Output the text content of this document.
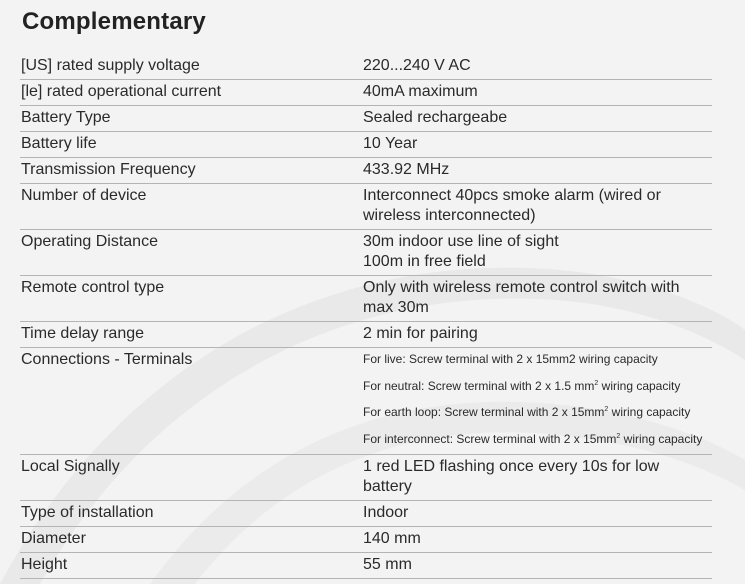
Complementary
[US] rated supply voltage	220...240 V AC

[le] rated operational current	40mA maximum

Battery Type	Sealed rechargeabe

Battery life	10 Year

Transmission Frequency	433.92 MHz

Number of device	Interconnect 40pcs smoke alarm (wired or
wireless interconnected)

Operating Distance	30m indoor use line of sight
100m in free field

Remote control type	Only with wireless remote control switch with
max 30m

Time delay range	2 min for pairing

Connections - Terminals	For live: Screw terminal with 2 x 15mm2 wiring capacity
For neutral: Screw terminal with 2 x 1.5 $mm^2$ wiring capacity
For earth loop: Screw terminal with 2 x $15mm^2$ wiring capacity
For interconnect: Screw terminal with 2 x $15mm^2$ wiring capacity

Local Signally	1 red LED flashing once every 10s for low battery

Type of installation	Indoor

Diameter	140 mm

Height	55 mm
